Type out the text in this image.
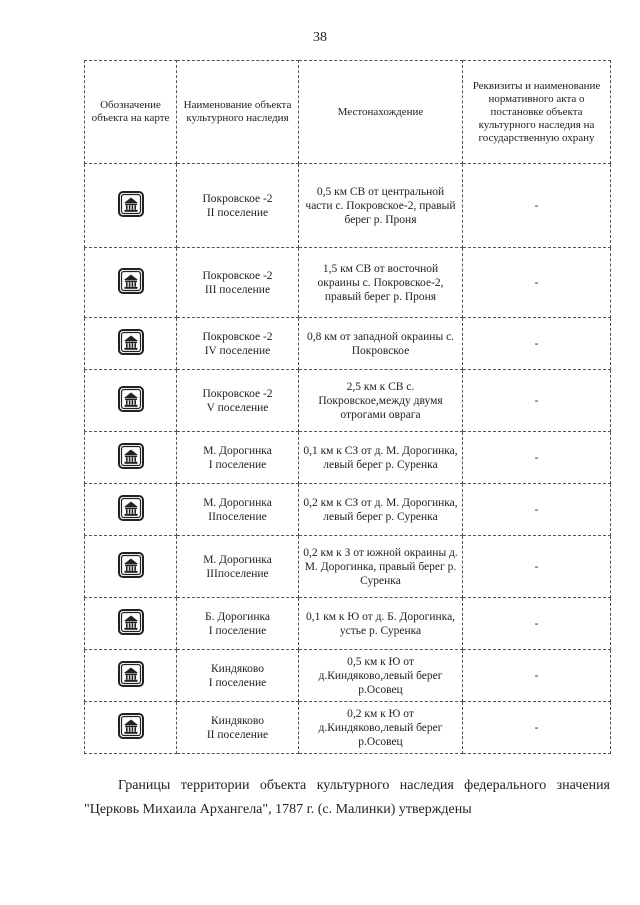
38
Обозначение объекта на карте	Наименование объекта культурного наследия	Местонахождение	Реквизиты и наименование нормативного акта о постановке объекта культурного наследия на государственную охрану

Покровское -2
II поселение	0,5 км СВ от центральной части с. Покровское-2, правый берег р. Проня	-

Покровское -2
III поселение	1,5 км СВ от восточной окраины с. Покровское-2, правый берег р. Проня	-

Покровское -2
IV поселение	0,8 км от западной окраины с. Покровское	-

Покровское -2
V поселение	2,5 км к СВ с. Покровское,между двумя отрогами оврага	-

М. Дорогинка
I поселение	0,1 км к СЗ от д. М. Дорогинка, левый берег р. Суренка	-

М. Дорогинка
IIпоселение	0,2 км к СЗ от д. М. Дорогинка, левый берег р. Суренка	-

М. Дорогинка
IIIпоселение	0,2 км к З от южной окраины д. М. Дорогинка, правый берег р. Суренка	-

Б. Дорогинка
I поселение	0,1 км к Ю от д. Б. Дорогинка, устье р. Суренка	-

Киндяково
I поселение	0,5 км к Ю от д.Киндяково,левый берег р.Осовец	-

Киндяково
II поселение	0,2 км к Ю от д.Киндяково,левый берег р.Осовец	-

Границы территории объекта культурного наследия федерального значения "Церковь Михаила Архангела", 1787 г. (с. Малинки) утверждены
